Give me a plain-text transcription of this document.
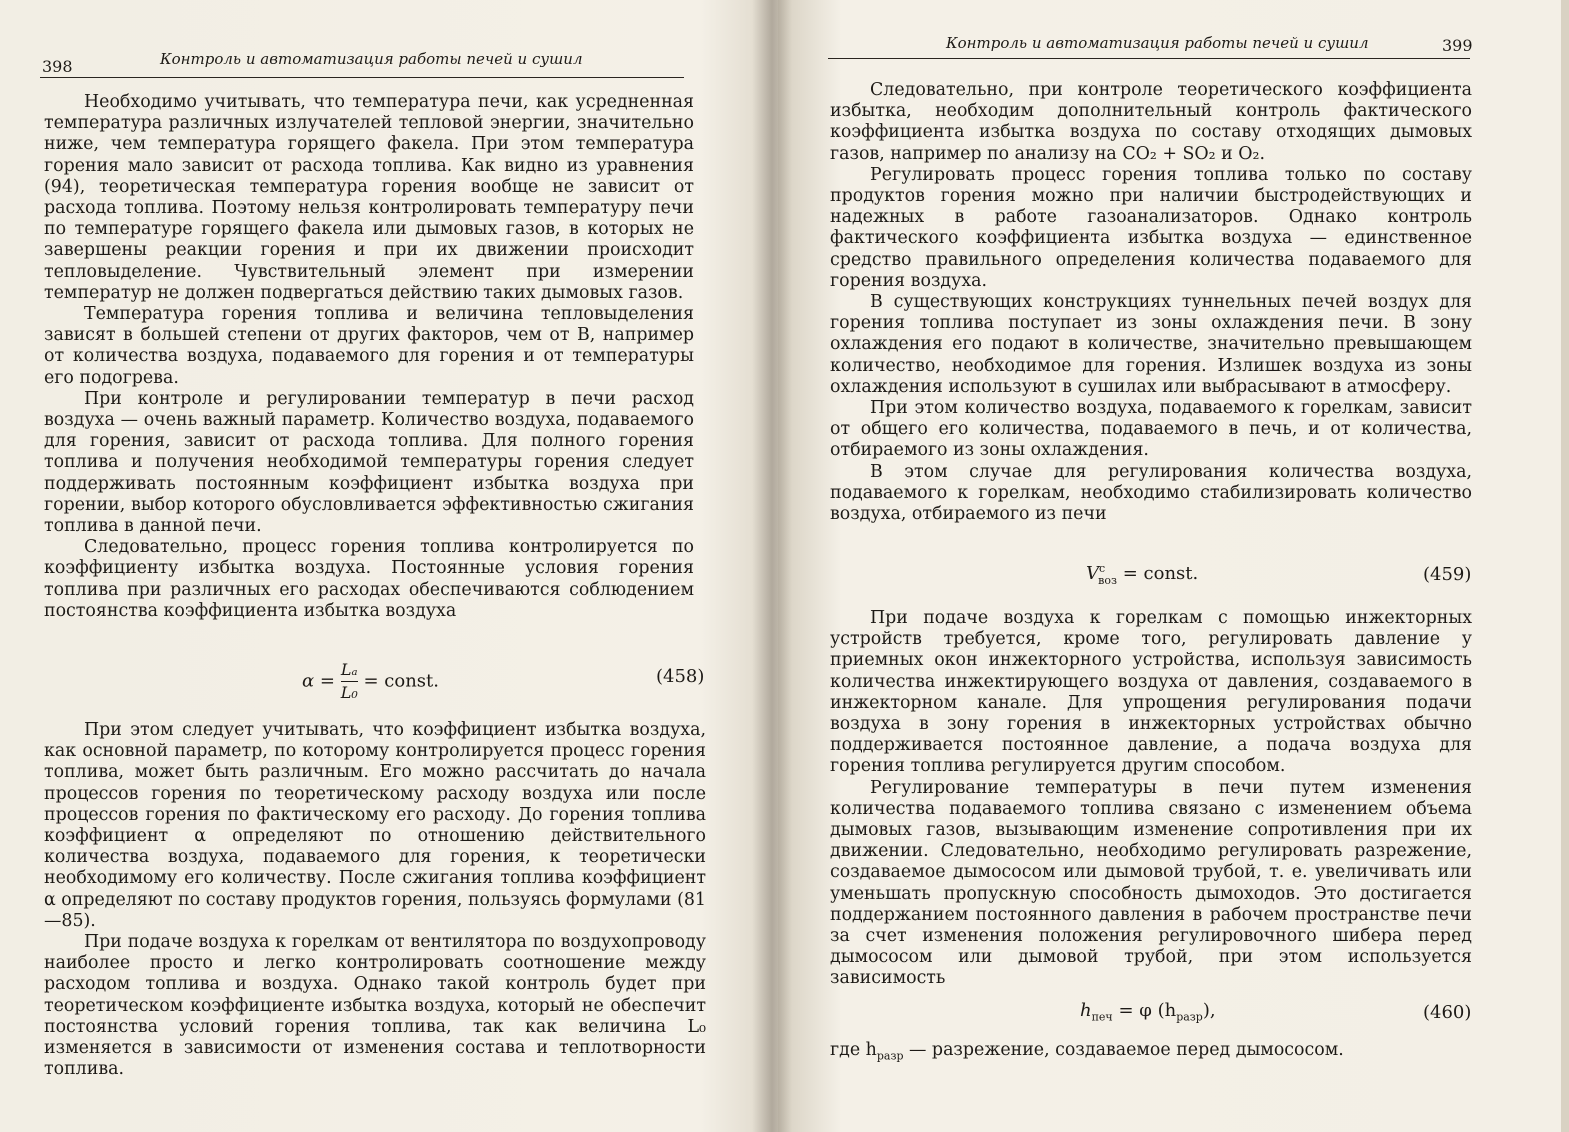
398	Контроль и автоматизация работы печей и сушил

Необходимо учитывать, что температура печи, как усредненная температура различных излучателей тепловой энергии, значительно ниже, чем температура горящего факела. При этом температура горения мало зависит от расхода топлива. Как видно из уравнения (94), теоретическая температура горения вообще не зависит от расхода топлива. Поэтому нельзя контролировать температуру печи по температуре горящего факела или дымовых газов, в которых не завершены реакции горения и при их движении происходит тепловыделение. Чувствительный элемент при измерении температур не должен подвергаться действию таких дымовых газов.

Температура горения топлива и величина тепловыделения зависят в большей степени от других факторов, чем от B, например от количества воздуха, подаваемого для горения и от температуры его подогрева.

При контроле и регулировании температур в печи расход воздуха — очень важный параметр. Количество воздуха, подаваемого для горения, зависит от расхода топлива. Для полного горения топлива и получения необходимой температуры горения следует поддерживать постоянным коэффициент избытка воздуха при горении, выбор которого обусловливается эффективностью сжигания топлива в данной печи.

Следовательно, процесс горения топлива контролируется по коэффициенту избытка воздуха. Постоянные условия горения топлива при различных его расходах обеспечиваются соблюдением постоянства коэффициента избытка воздуха

$\alpha = \frac{\text{Lₐ}}{\text{L₀}}$ = const.	(458)

При этом следует учитывать, что коэффициент избытка воздуха, как основной параметр, по которому контролируется процесс горения топлива, может быть различным. Его можно рассчитать до начала процессов горения по теоретическому расходу воздуха или после процессов горения по фактическому его расходу. До горения топлива коэффициент α определяют по отношению действительного количества воздуха, подаваемого для горения, к теоретически необходимому его количеству. После сжигания топлива коэффициент α определяют по составу продуктов горения, пользуясь формулами (81—85).

При подаче воздуха к горелкам от вентилятора по воздухопроводу наиболее просто и легко контролировать соотношение между расходом топлива и воздуха. Однако такой контроль будет при теоретическом коэффициенте избытка воздуха, который не обеспечит постоянства условий горения топлива, так как величина L₀ изменяется в зависимости от изменения состава и теплотворности топлива.

Контроль и автоматизация работы печей и сушил	399

Следовательно, при контроле теоретического коэффициента избытка, необходим дополнительный контроль фактического коэффициента избытка воздуха по составу отходящих дымовых газов, например по анализу на CO₂ + SO₂ и O₂.

Регулировать процесс горения топлива только по составу продуктов горения можно при наличии быстродействующих и надежных в работе газоанализаторов. Однако контроль фактического коэффициента избытка воздуха — единственное средство правильного определения количества подаваемого для горения воздуха.

В существующих конструкциях туннельных печей воздух для горения топлива поступает из зоны охлаждения печи. В зону охлаждения его подают в количестве, значительно превышающем количество, необходимое для горения. Излишек воздуха из зоны охлаждения используют в сушилах или выбрасывают в атмосферу.

При этом количество воздуха, подаваемого к горелкам, зависит от общего его количества, подаваемого в печь, и от количества, отбираемого из зоны охлаждения.

В этом случае для регулирования количества воздуха, подаваемого к горелкам, необходимо стабилизировать количество воздуха, отбираемого из печи

$V^с_{воз}$ = const.	(459)

При подаче воздуха к горелкам с помощью инжекторных устройств требуется, кроме того, регулировать давление у приемных окон инжекторного устройства, используя зависимость количества инжектирующего воздуха от давления, создаваемого в инжекторном канале. Для упрощения регулирования подачи воздуха в зону горения в инжекторных устройствах обычно поддерживается постоянное давление, а подача воздуха для горения топлива регулируется другим способом.

Регулирование температуры в печи путем изменения количества подаваемого топлива связано с изменением объема дымовых газов, вызывающим изменение сопротивления при их движении. Следовательно, необходимо регулировать разрежение, создаваемое дымососом или дымовой трубой, т. е. увеличивать или уменьшать пропускную способность дымоходов. Это достигается поддержанием постоянного давления в рабочем пространстве печи за счет изменения положения регулировочного шибера перед дымососом или дымовой трубой, при этом используется зависимость

$h_{печ} = \varphi$ $(h_{разр})$,	(460)
где $h_{разр}$ — разрежение, создаваемое перед дымососом.
